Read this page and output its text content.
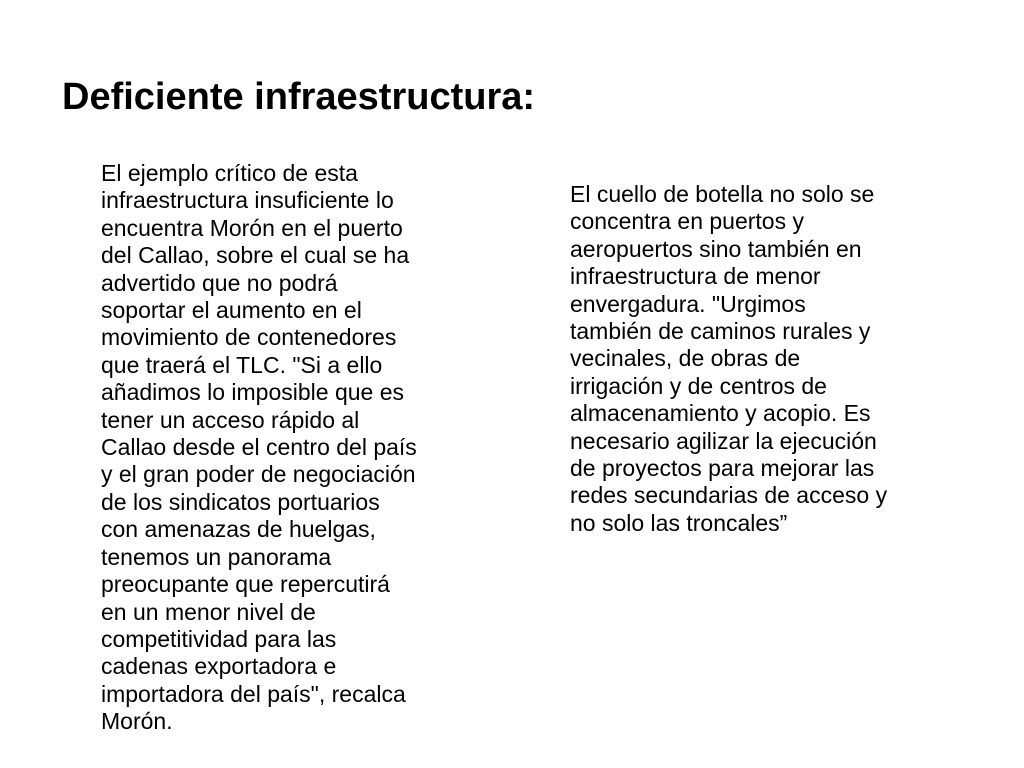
Deficiente infraestructura:

El ejemplo crítico de esta
infraestructura insuficiente lo
encuentra Morón en el puerto
del Callao, sobre el cual se ha
advertido que no podrá
soportar el aumento en el
movimiento de contenedores
que traerá el TLC. "Si a ello
añadimos lo imposible que es
tener un acceso rápido al
Callao desde el centro del país
y el gran poder de negociación
de los sindicatos portuarios
con amenazas de huelgas,
tenemos un panorama
preocupante que repercutirá
en un menor nivel de
competitividad para las
cadenas exportadora e
importadora del país", recalca
Morón.

El cuello de botella no solo se
concentra en puertos y
aeropuertos sino también en
infraestructura de menor
envergadura. "Urgimos
también de caminos rurales y
vecinales, de obras de
irrigación y de centros de
almacenamiento y acopio. Es
necesario agilizar la ejecución
de proyectos para mejorar las
redes secundarias de acceso y
no solo las troncales”
